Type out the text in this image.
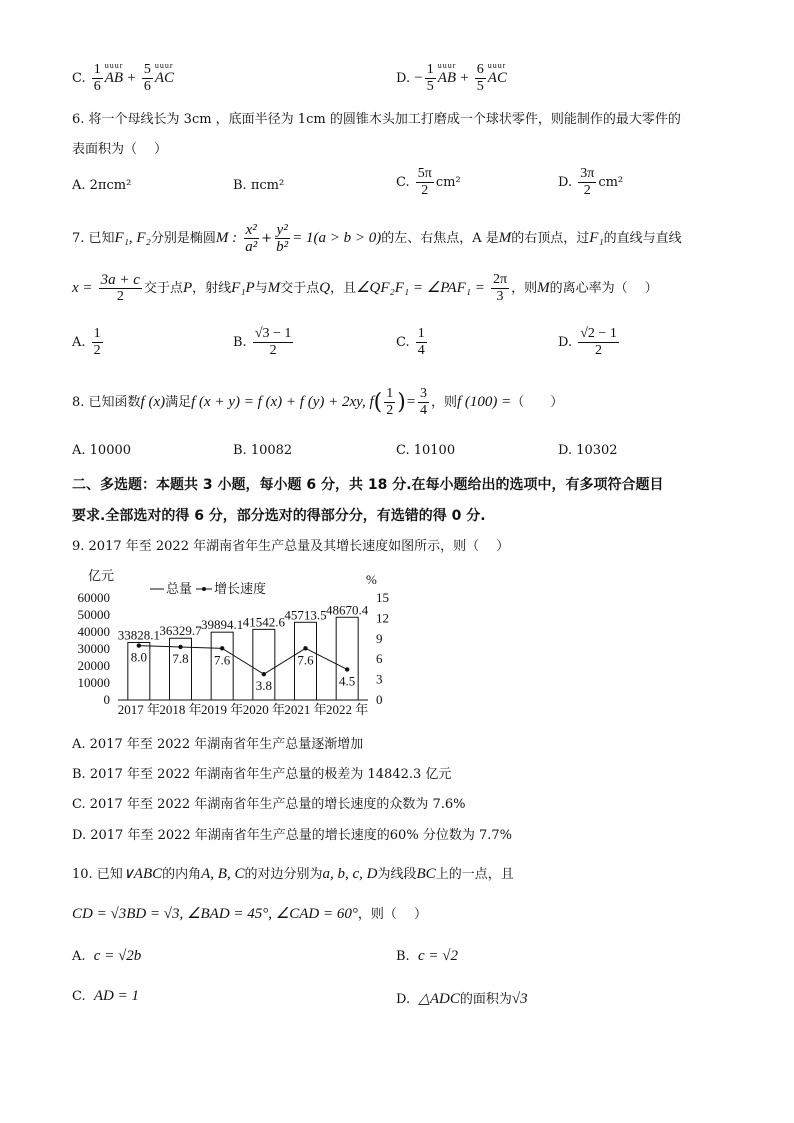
C. $\frac{1}{6}$ uuur
AB + $\frac{5}{6}$ uuur
AC	D. − $\frac{1}{5}$ uuur
AB + $\frac{6}{5}$ uuur
AC
6. 将一个母线长为 3cm ，底面半径为 1cm 的圆锥木头加工打磨成一个球状零件，则能制作的最大零件的
表面积为（　 ）
A. 2πcm²	B. πcm²	C. $\frac{5\pi}{2} cm^2$	D. $\frac{3\pi}{2} cm^2$
7. 已知F₁, F₂分别是椭圆M : $\frac{\text{x²}}{\text{a²}} + \frac{\text{y²}}{\text{b²}} = 1(a > b > 0)$的左、右焦点，A 是M的右顶点，过F₁的直线与直线
$x = \frac{3a + c}{2}$ 交于点P，射线F₁P与M交于点Q，且∠QF₂F₁ = ∠PAF₁ = $\frac{2\pi}{3}$ ，则M的离心率为（　 ）
A. $\frac{1}{2}$	B. $\frac{√3 - 1}{2}$	C. $\frac{1}{4}$	D. $\frac{√2 - 1}{2}$
8. 已知函数f (x)满足f (x + y) = f (x) + f (y) + 2xy, $f( \frac{1}{2}$ )= $\frac{3}{4}$ ，则f (100) =（　　）
A. 10000	B. 10082	C. 10100	D. 10302
二、多选题：本题共 3 小题，每小题 6 分，共 18 分.在每小题给出的选项中，有多项符合题目
要求.全部选对的得 6 分，部分选对的得部分分，有选错的得 0 分.
9. 2017 年至 2022 年湖南省年生产总量及其增长速度如图所示，则（　 ）
亿元
60000
50000
40000
30000
20000
10000
0
%
15
12
9
6
3
0
总量 增长速度
33828.1 36329.7 39894.1 41542.6 45713.5 48670.4
8.0 7.8 7.6
3.8
7.6
4.5
2017 年 2018 年 2019 年 2020 年 2021 年 2022 年
A. 2017 年至 2022 年湖南省年生产总量逐渐增加
B. 2017 年至 2022 年湖南省年生产总量的极差为 14842.3 亿元
C. 2017 年至 2022 年湖南省年生产总量的增长速度的众数为 7.6%
D. 2017 年至 2022 年湖南省年生产总量的增长速度的60% 分位数为 7.7%
10. 已知∨ABC的内角A, B, C的对边分别为a, b, c, D为线段BC上的一点，且
CD = √3BD = √3, ∠BAD = 45°, ∠CAD = 60°，则（　 ）
A. c = √2b	B. c = √2
C. AD = 1	D. △ADC的面积为√3
